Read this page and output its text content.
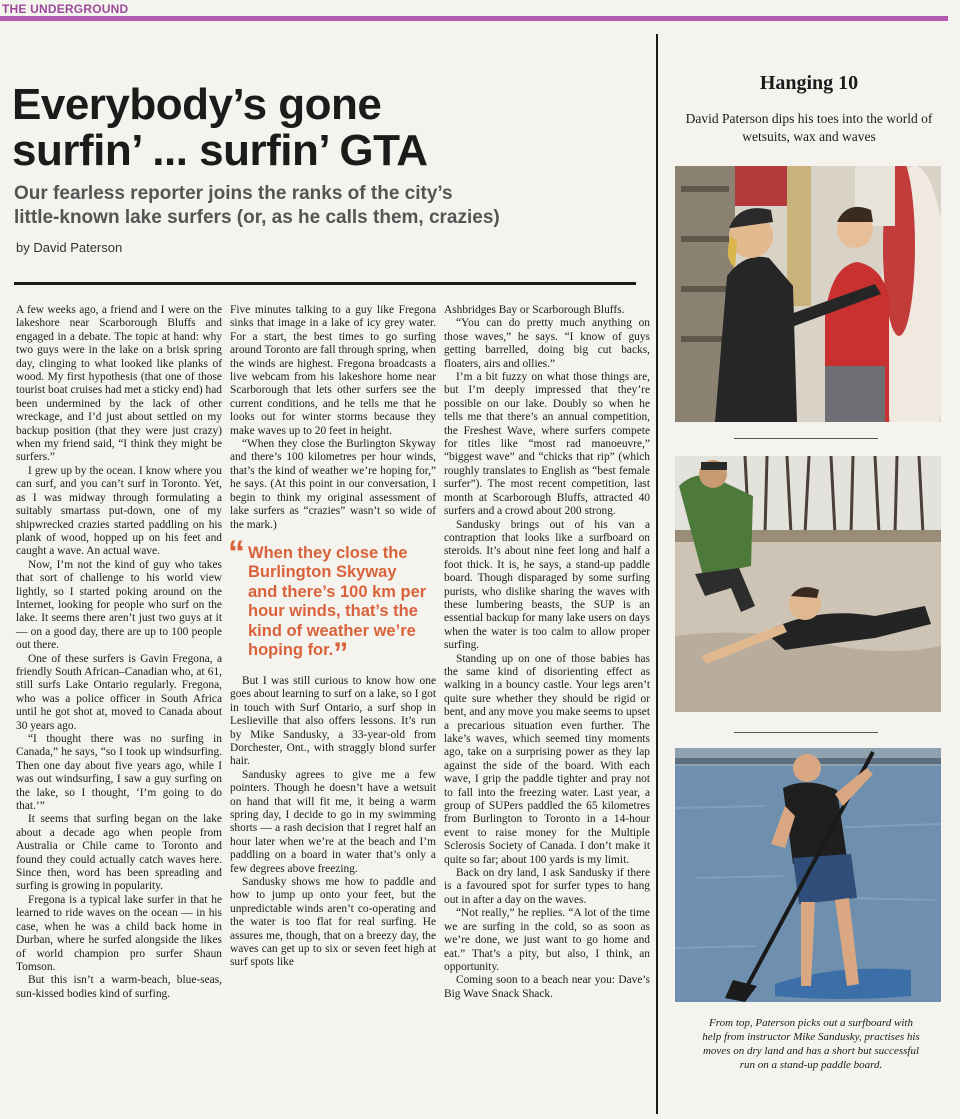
THE UNDERGROUND
Everybody’s gone
surfin’ ... surfin’ GTA
Our fearless reporter joins the ranks of the city’s
little-known lake surfers (or, as he calls them, crazies)
by David Paterson

A few weeks ago, a friend and I were on the lakeshore near Scarborough Bluffs and engaged in a debate. The topic at hand: why two guys were in the lake on a brisk spring day, clinging to what looked like planks of wood. My first hypothesis (that one of those tourist boat cruises had met a sticky end) had been undermined by the lack of other wreckage, and I’d just about settled on my backup position (that they were just crazy) when my friend said, “I think they might be surfers.”

I grew up by the ocean. I know where you can surf, and you can’t surf in Toronto. Yet, as I was midway through formulating a suitably smartass put-down, one of my shipwrecked crazies started paddling on his plank of wood, hopped up on his feet and caught a wave. An actual wave.

Now, I’m not the kind of guy who takes that sort of challenge to his world view lightly, so I started poking around on the Internet, looking for people who surf on the lake. It seems there aren’t just two guys at it — on a good day, there are up to 100 people out there.

One of these surfers is Gavin Fregona, a friendly South African–Canadian who, at 61, still surfs Lake Ontario regularly. Fregona, who was a police officer in South Africa until he got shot at, moved to Canada about 30 years ago.

“I thought there was no surfing in Canada,” he says, “so I took up windsurfing. Then one day about five years ago, while I was out windsurfing, I saw a guy surfing on the lake, so I thought, ‘I’m going to do that.’”

It seems that surfing began on the lake about a decade ago when people from Australia or Chile came to Toronto and found they could actually catch waves here. Since then, word has been spreading and surfing is growing in popularity.

Fregona is a typical lake surfer in that he learned to ride waves on the ocean — in his case, when he was a child back home in Durban, where he surfed alongside the likes of world champion pro surfer Shaun Tomson.

But this isn’t a warm-beach, blue-seas, sun-kissed bodies kind of surfing.

Five minutes talking to a guy like Fregona sinks that image in a lake of icy grey water. For a start, the best times to go surfing around Toronto are fall through spring, when the winds are highest. Fregona broadcasts a live webcam from his lakeshore home near Scarborough that lets other surfers see the current conditions, and he tells me that he looks out for winter storms because they make waves up to 20 feet in height.

“When they close the Burlington Skyway and there’s 100 kilometres per hour winds, that’s the kind of weather we’re hoping for,” he says. (At this point in our conversation, I begin to think my original assessment of lake surfers as “crazies” wasn’t so wide of the mark.)

“ When they close the Burlington Skyway and there’s 100 km per hour winds, that’s the kind of weather we’re hoping for.”

But I was still curious to know how one goes about learning to surf on a lake, so I got in touch with Surf Ontario, a surf shop in Leslieville that also offers lessons. It’s run by Mike Sandusky, a 33-year-old from Dorchester, Ont., with straggly blond surfer hair.

Sandusky agrees to give me a few pointers. Though he doesn’t have a wetsuit on hand that will fit me, it being a warm spring day, I decide to go in my swimming shorts — a rash decision that I regret half an hour later when we’re at the beach and I’m paddling on a board in water that’s only a few degrees above freezing.

Sandusky shows me how to paddle and how to jump up onto your feet, but the unpredictable winds aren’t co-operating and the water is too flat for real surfing. He assures me, though, that on a breezy day, the waves can get up to six or seven feet high at surf spots like

Ashbridges Bay or Scarborough Bluffs.

“You can do pretty much anything on those waves,” he says. “I know of guys getting barrelled, doing big cut backs, floaters, airs and ollies.”

I’m a bit fuzzy on what those things are, but I’m deeply impressed that they’re possible on our lake. Doubly so when he tells me that there’s an annual competition, the Freshest Wave, where surfers compete for titles like “most rad manoeuvre,” “biggest wave” and “chicks that rip” (which roughly translates to English as “best female surfer”). The most recent competition, last month at Scarborough Bluffs, attracted 40 surfers and a crowd about 200 strong.

Sandusky brings out of his van a contraption that looks like a surfboard on steroids. It’s about nine feet long and half a foot thick. It is, he says, a stand-up paddle board. Though disparaged by some surfing purists, who dislike sharing the waves with these lumbering beasts, the SUP is an essential backup for many lake users on days when the water is too calm to allow proper surfing.

Standing up on one of those babies has the same kind of disorienting effect as walking in a bouncy castle. Your legs aren’t quite sure whether they should be rigid or bent, and any move you make seems to upset a precarious situation even further. The lake’s waves, which seemed tiny moments ago, take on a surprising power as they lap against the side of the board. With each wave, I grip the paddle tighter and pray not to fall into the freezing water. Last year, a group of SUPers paddled the 65 kilometres from Burlington to Toronto in a 14-hour event to raise money for the Multiple Sclerosis Society of Canada. I don’t make it quite so far; about 100 yards is my limit.

Back on dry land, I ask Sandusky if there is a favoured spot for surfer types to hang out in after a day on the waves.

“Not really,” he replies. “A lot of the time we are surfing in the cold, so as soon as we’re done, we just want to go home and eat.” That’s a pity, but also, I think, an opportunity.

Coming soon to a beach near you: Dave’s Big Wave Snack Shack.

Hanging 10
David Paterson dips his toes into the world of wetsuits, wax and waves
From top, Paterson picks out a surfboard with help from instructor Mike Sandusky, practises his moves on dry land and has a short but successful run on a stand-up paddle board.
